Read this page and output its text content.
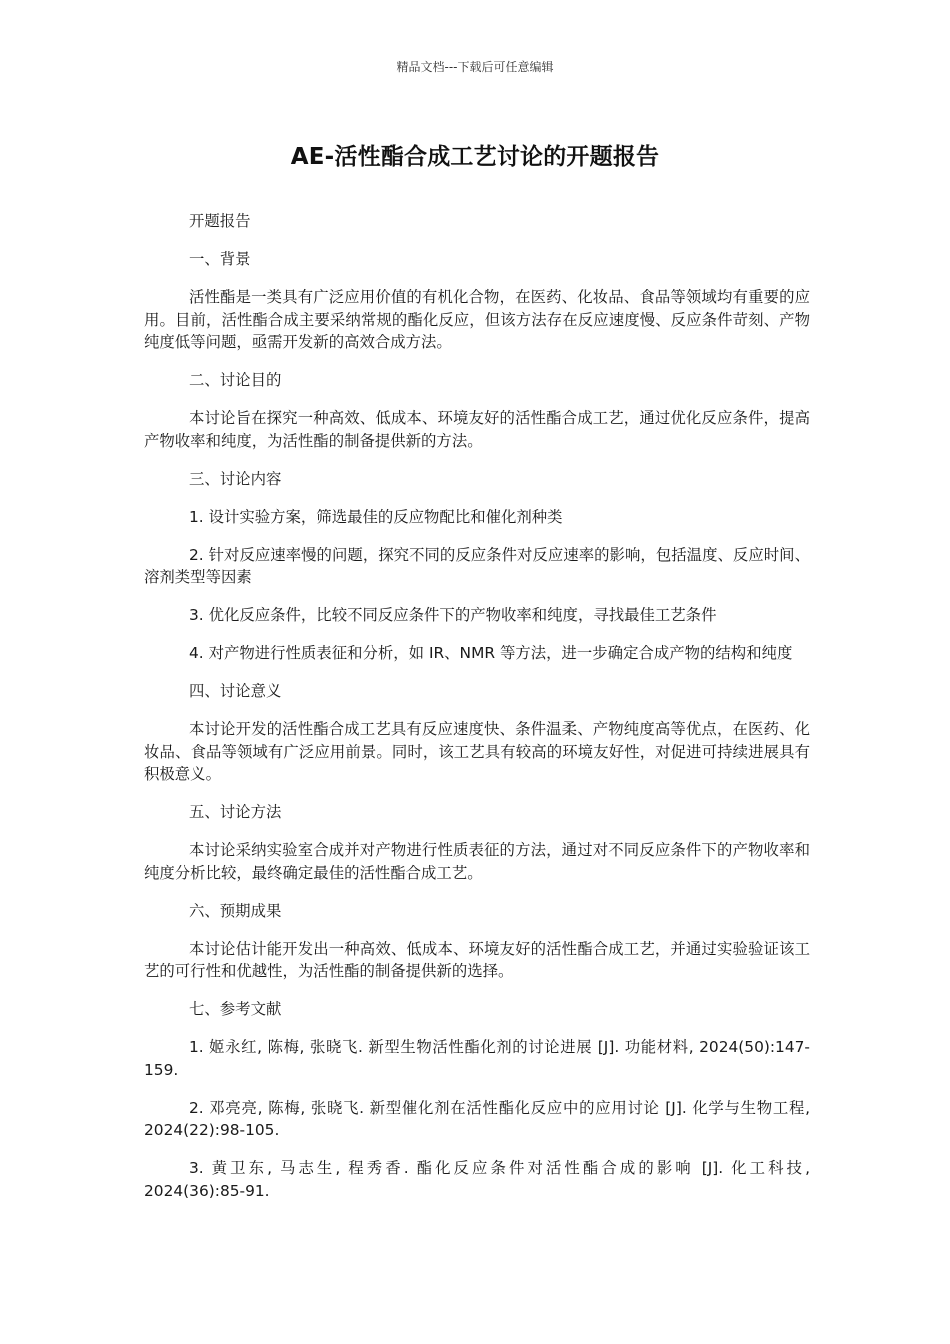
精品文档---下载后可任意编辑
AE-活性酯合成工艺讨论的开题报告

开题报告

一、背景

活性酯是一类具有广泛应用价值的有机化合物，在医药、化妆品、食品等领域均有重要的应用。目前，活性酯合成主要采纳常规的酯化反应，但该方法存在反应速度慢、反应条件苛刻、产物纯度低等问题，亟需开发新的高效合成方法。

二、讨论目的

本讨论旨在探究一种高效、低成本、环境友好的活性酯合成工艺，通过优化反应条件，提高产物收率和纯度，为活性酯的制备提供新的方法。

三、讨论内容

1. 设计实验方案，筛选最佳的反应物配比和催化剂种类

2. 针对反应速率慢的问题，探究不同的反应条件对反应速率的影响，包括温度、反应时间、溶剂类型等因素

3. 优化反应条件，比较不同反应条件下的产物收率和纯度，寻找最佳工艺条件

4. 对产物进行性质表征和分析，如 IR、NMR 等方法，进一步确定合成产物的结构和纯度

四、讨论意义

本讨论开发的活性酯合成工艺具有反应速度快、条件温柔、产物纯度高等优点，在医药、化妆品、食品等领域有广泛应用前景。同时，该工艺具有较高的环境友好性，对促进可持续进展具有积极意义。

五、讨论方法

本讨论采纳实验室合成并对产物进行性质表征的方法，通过对不同反应条件下的产物收率和纯度分析比较，最终确定最佳的活性酯合成工艺。

六、预期成果

本讨论估计能开发出一种高效、低成本、环境友好的活性酯合成工艺，并通过实验验证该工艺的可行性和优越性，为活性酯的制备提供新的选择。

七、参考文献

1. 姬永红, 陈梅, 张晓飞. 新型生物活性酯化剂的讨论进展 [J]. 功能材料, 2024(50):147-159.

2. 邓亮亮, 陈梅, 张晓飞. 新型催化剂在活性酯化反应中的应用讨论 [J]. 化学与生物工程, 2024(22):98-105.

3. 黄卫东, 马志生, 程秀香. 酯化反应条件对活性酯合成的影响 [J]. 化工科技, 2024(36):85-91.
